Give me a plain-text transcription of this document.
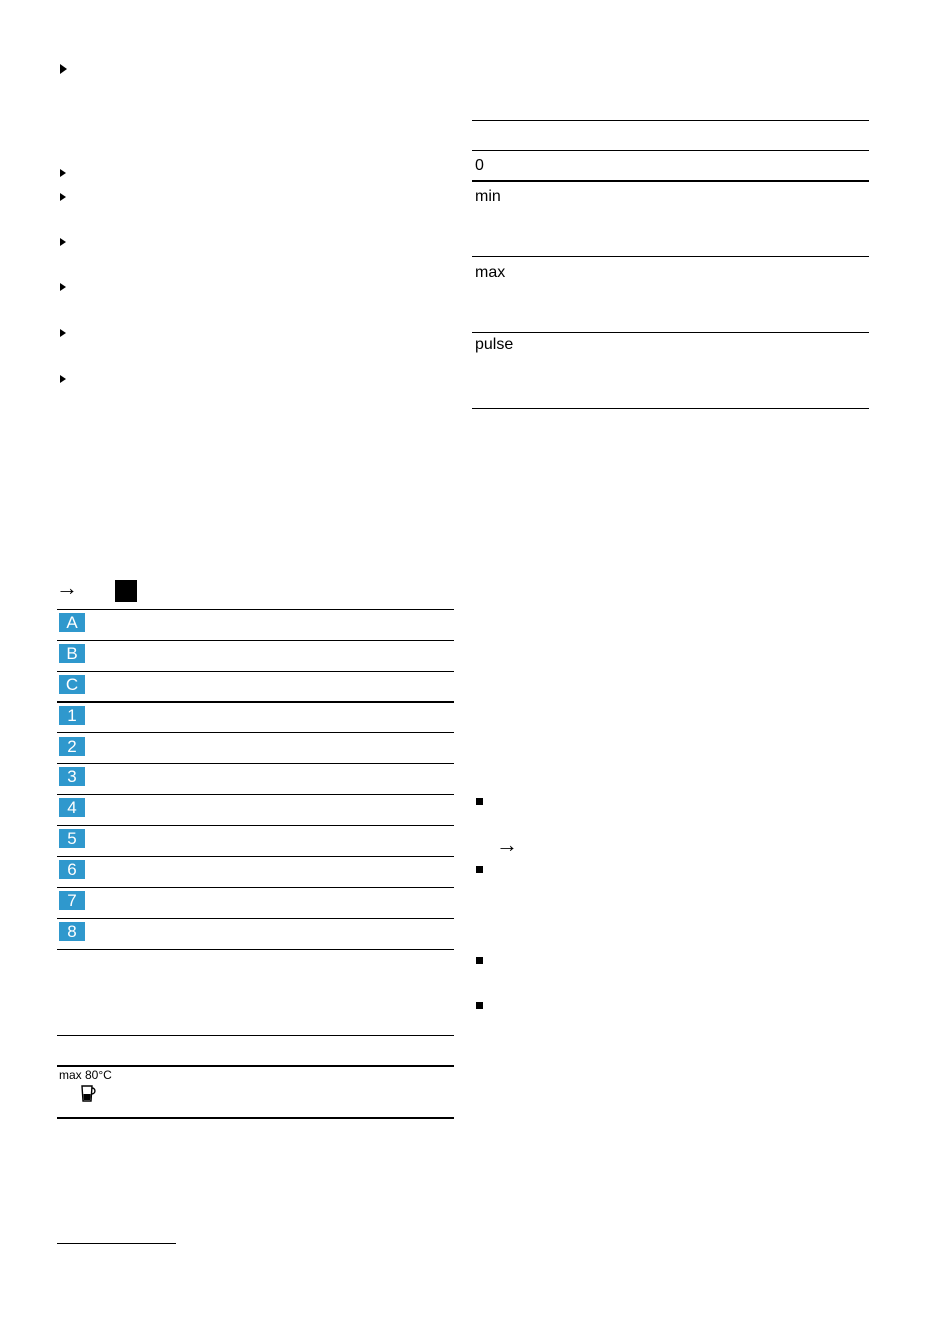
0
min
max
pulse
→
A
B
C
1
2
3
4
5
6
7
8
max 80°C
→
